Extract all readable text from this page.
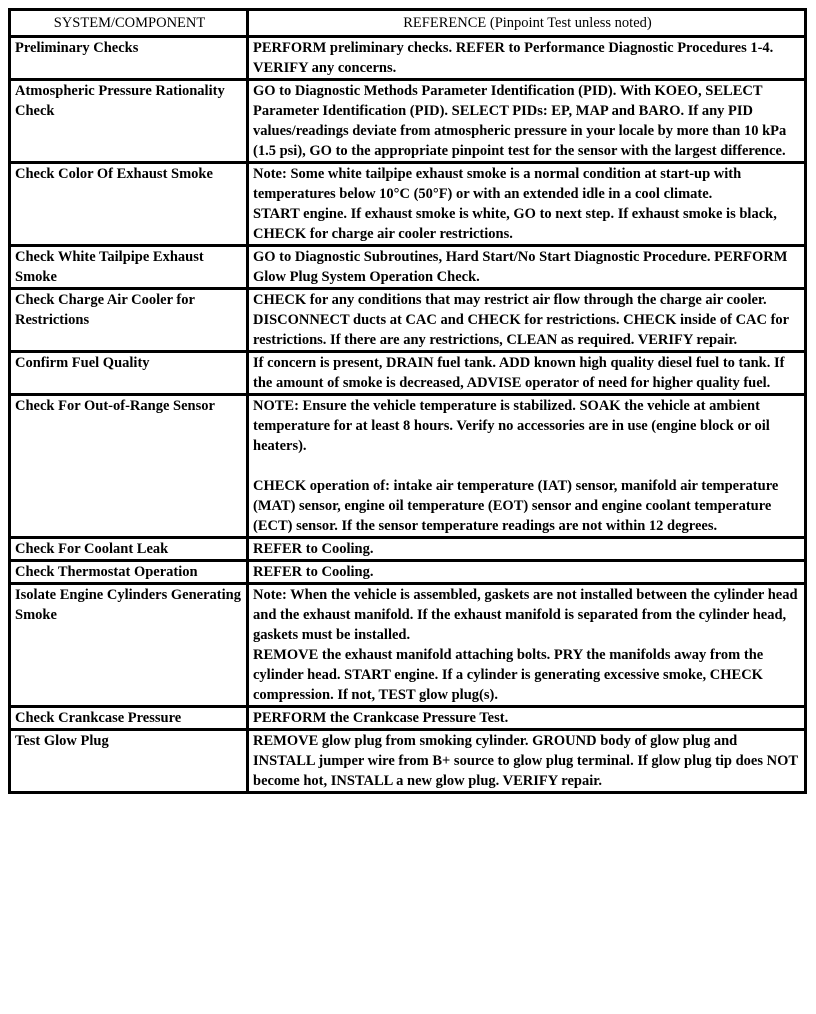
SYSTEM/COMPONENT	REFERENCE (Pinpoint Test unless noted)
Preliminary Checks	PERFORM preliminary checks. REFER to Performance Diagnostic Procedures 1-4. VERIFY any concerns.

Atmospheric Pressure Rationality Check	GO to Diagnostic Methods Parameter Identification (PID). With KOEO, SELECT Parameter Identification (PID). SELECT PIDs: EP, MAP and BARO. If any PID values/readings deviate from atmospheric pressure in your locale by more than 10 kPa (1.5 psi), GO to the appropriate pinpoint test for the sensor with the largest difference.

Check Color Of Exhaust Smoke	Note: Some white tailpipe exhaust smoke is a normal condition at start-up with temperatures below 10°C (50°F) or with an extended idle in a cool climate.
START engine. If exhaust smoke is white, GO to next step. If exhaust smoke is black, CHECK for charge air cooler restrictions.

Check White Tailpipe Exhaust Smoke	GO to Diagnostic Subroutines, Hard Start/No Start Diagnostic Procedure. PERFORM Glow Plug System Operation Check.

Check Charge Air Cooler for Restrictions	CHECK for any conditions that may restrict air flow through the charge air cooler. DISCONNECT ducts at CAC and CHECK for restrictions. CHECK inside of CAC for restrictions. If there are any restrictions, CLEAN as required. VERIFY repair.

Confirm Fuel Quality	If concern is present, DRAIN fuel tank. ADD known high quality diesel fuel to tank. If the amount of smoke is decreased, ADVISE operator of need for higher quality fuel.

Check For Out-of-Range Sensor	NOTE: Ensure the vehicle temperature is stabilized. SOAK the vehicle at ambient temperature for at least 8 hours. Verify no accessories are in use (engine block or oil heaters).
CHECK operation of: intake air temperature (IAT) sensor, manifold air temperature (MAT) sensor, engine oil temperature (EOT) sensor and engine coolant temperature (ECT) sensor. If the sensor temperature readings are not within 12 degrees.

Check For Coolant Leak	REFER to Cooling.

Check Thermostat Operation	REFER to Cooling.

Isolate Engine Cylinders Generating Smoke	Note: When the vehicle is assembled, gaskets are not installed between the cylinder head and the exhaust manifold. If the exhaust manifold is separated from the cylinder head, gaskets must be installed.
REMOVE the exhaust manifold attaching bolts. PRY the manifolds away from the cylinder head. START engine. If a cylinder is generating excessive smoke, CHECK compression. If not, TEST glow plug(s).

Check Crankcase Pressure	PERFORM the Crankcase Pressure Test.

Test Glow Plug	REMOVE glow plug from smoking cylinder. GROUND body of glow plug and INSTALL jumper wire from B+ source to glow plug terminal. If glow plug tip does NOT become hot, INSTALL a new glow plug. VERIFY repair.
